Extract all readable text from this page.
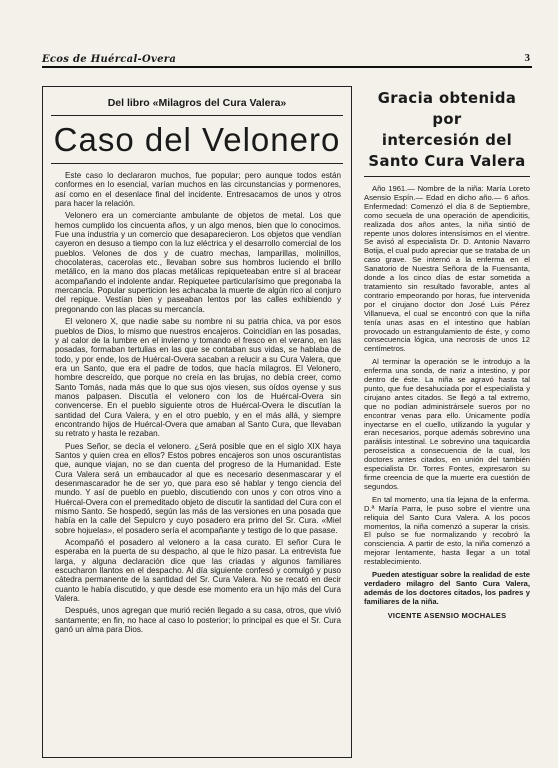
Ecos de Huércal-Overa	3
Del libro «Milagros del Cura Valera»
Caso del Velonero

Este caso lo declararon muchos, fue popular; pero aunque todos están conformes en lo esencial, varían muchos en las circunstancias y pormenores, así como en el desenlace final del incidente. Entresacamos de unos y otros para hacer la relación.

Velonero era un comerciante ambulante de objetos de metal. Los que hemos cumplido los cincuenta años, y un algo menos, bien que lo conocimos. Fue una industria y un comercio que desaparecieron. Los objetos que vendían cayeron en desuso a tiempo con la luz eléctrica y el desarrollo comercial de los pueblos. Velones de dos y de cuatro mechas, lamparillas, molinillos, chocolateras, cacerolas etc., llevaban sobre sus hombros luciendo el brillo metálico, en la mano dos placas metálicas repiqueteaban entre sí al bracear acompañando el indolente andar. Repiquetee particularísimo que pregonaba la mercancía. Popular superticion les achacaba la muerte de algún rico al conjuro del repique. Vestían bien y paseaban lentos por las calles exhibiendo y pregonando con las placas su mercancía.

El velonero X, que nadie sabe su nombre ni su patria chica, va por esos pueblos de Dios, lo mismo que nuestros encajeros. Coincidían en las posadas, y al calor de la lumbre en el invierno y tomando el fresco en el verano, en las posadas, formaban tertulias en las que se contaban sus vidas, se hablaba de todo, y por ende, los de Huércal-Overa sacaban a relucir a su Cura Valera, que era un Santo, que era el padre de todos, que hacía milagros. El Velonero, hombre descreído, que porque no creía en las brujas, no debía creer, como Santo Tomás, nada más que lo que sus ojos viesen, sus oídos oyense y sus manos palpasen. Discutía el velonero con los de Huércal-Overa sin convencerse. En el pueblo siguiente otros de Huércal-Overa le discutían la santidad del Cura Valera, y en el otro pueblo, y en el más allá, y siempre encontrando hijos de Huércal-Overa que amaban al Santo Cura, que llevaban su retrato y hasta le rezaban.

Pues Señor, se decía el velonero. ¿Será posible que en el siglo XIX haya Santos y quien crea en ellos? Estos pobres encajeros son unos oscurantistas que, aunque viajan, no se dan cuenta del progreso de la Humanidad. Este Cura Valera será un embaucador al que es necesario desenmascarar y el desenmascarador he de ser yo, que para eso sé hablar y tengo ciencia del mundo. Y así de pueblo en pueblo, discutiendo con unos y con otros vino a Huércal-Overa con el premeditado objeto de discutir la santidad del Cura con el mismo Santo. Se hospedó, según las más de las versiones en una posada que había en la calle del Sepulcro y cuyo posadero era primo del Sr. Cura. «Miel sobre hojuelas», el posadero sería el acompañante y testigo de lo que pasase.

Acompañó el posadero al velonero a la casa curato. El señor Cura le esperaba en la puerta de su despacho, al que le hizo pasar. La entrevista fue larga, y alguna declaración dice que las criadas y algunos familiares escucharon llantos en el despacho. Al día siguiente confesó y comulgó y puso cátedra permanente de la santidad del Sr. Cura Valera. No se recató en decir cuanto le había discutido, y que desde ese momento era un hijo más del Cura Valera.

Después, unos agregan que murió recién llegado a su casa, otros, que vivió santamente; en fin, no hace al caso lo posterior; lo principal es que el Sr. Cura ganó un alma para Dios.

Gracia obtenida por
intercesión del
Santo Cura Valera

Año 1961.— Nombre de la niña: María Loreto Asensio Espín.— Edad en dicho año.— 6 años. Enfermedad: Comenzó el día 8 de Septiembre, como secuela de una operación de apendicitis, realizada dos años antes, la niña sintió de repente unos dolores intensísimos en el vientre. Se avisó al especialista Dr. D. Antonio Navarro Botija, el cual pudo apreciar que se trataba de un caso grave. Se internó a la enferma en el Sanatorio de Nuestra Señora de la Fuensanta, donde a los cinco días de estar sometida a tratamiento sin resultado favorable, antes al contrario empeorando por horas, fue intervenida por el cirujano doctor don José Luis Pérez Villanueva, el cual se encontró con que la niña tenía unas asas en el intestino que habían provocado un estrangulamiento de éste, y como consecuencia lógica, una necrosis de unos 12 centímetros.

Al terminar la operación se le introdujo a la enferma una sonda, de nariz a intestino, y por dentro de éste. La niña se agravó hasta tal punto, que fue desahuciada por el especialista y cirujano antes citados. Se llegó a tal extremo, que no podían administrársele sueros por no encontrar venas para ello. Únicamente podía inyectarse en el cuello, utilizando la yugular y eran necesarios, porque además sobrevino una parálisis intestinal. Le sobrevino una taquicardia peroseística a consecuencia de la cual, los doctores antes citados, en unión del también especialista Dr. Torres Fontes, expresaron su firme creencia de que la muerte era cuestión de segundos.

En tal momento, una tía lejana de la enferma. D.ª María Parra, le puso sobre el vientre una reliquia del Santo Cura Valera. A los pocos momentos, la niña comenzó a superar la crisis. El pulso se fue normalizando y recobró la consciencia. A partir de esto, la niña comenzó a mejorar lentamente, hasta llegar a un total restablecimiento.

Pueden atestiguar sobre la realidad de este verdadero milagro del Santo Cura Valera, además de los doctores citados, los padres y familiares de la niña.

VICENTE ASENSIO MOCHALES
